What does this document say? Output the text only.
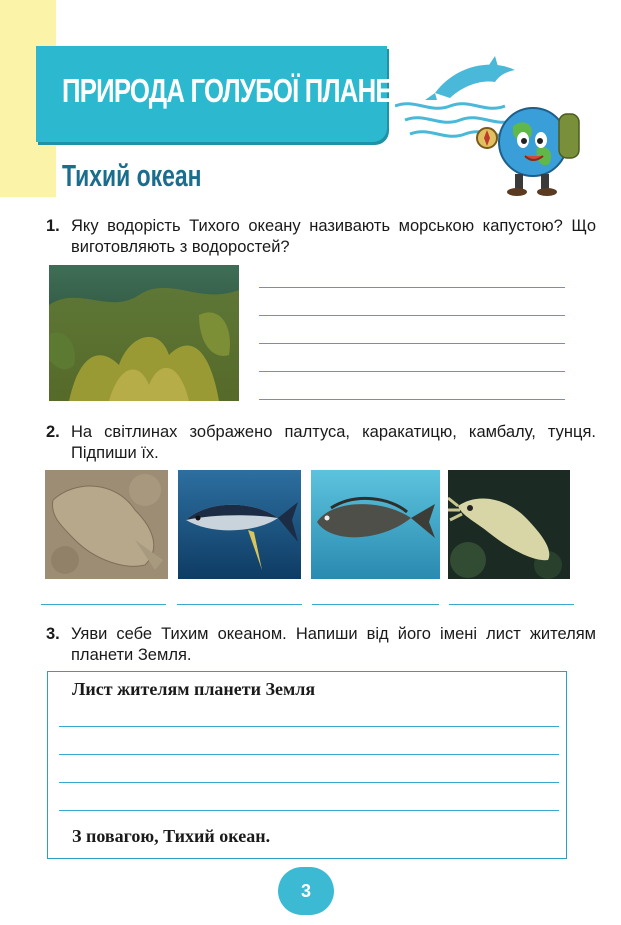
ПРИРОДА ГОЛУБОЇ ПЛАНЕТИ
Тихий океан
1. Яку водорість Тихого океану називають морською капустою? Що виготовляють з водоростей?
2. На світлинах зображено палтуса, каракатицю, камбалу, тунця. Підпиши їх.
3. Уяви себе Тихим океаном. Напиши від його імені лист жителям планети Земля.
Лист жителям планети Земля
З повагою, Тихий океан.
3
